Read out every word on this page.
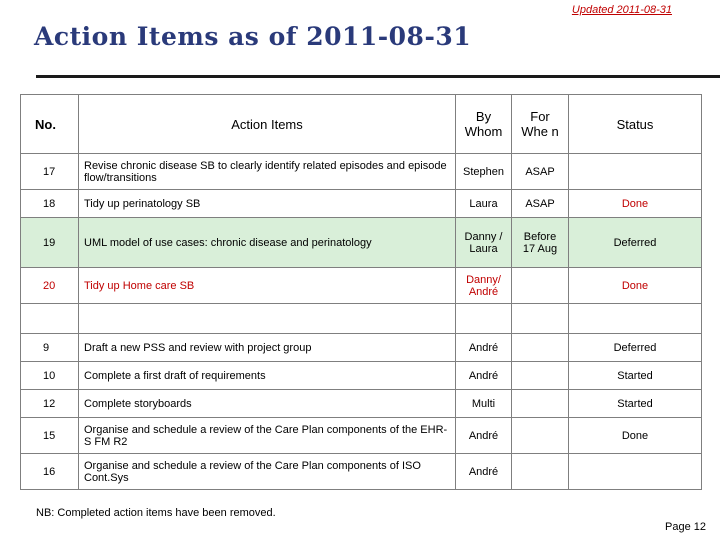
Updated 2011-08-31
Action Items as of 2011-08-31
No.	Action Items	By Whom	For Whe n	Status
17	Revise chronic disease SB to clearly identify related episodes and episode flow/transitions	Stephen	ASAP	
18	Tidy up perinatology SB	Laura	ASAP	Done
19	UML model of use cases: chronic disease and perinatology	Danny / Laura	Before 17 Aug	Deferred
20	Tidy up Home care SB	Danny/ André		Done

9	Draft a new PSS and review with project group	André		Deferred
10	Complete a first draft of requirements	André		Started
12	Complete storyboards	Multi		Started
15	Organise and schedule a review of the Care Plan components of the EHR-S FM R2	André		Done
16	Organise and schedule a review of the Care Plan components of ISO Cont.Sys	André		
NB: Completed action items have been removed.
Page 12
